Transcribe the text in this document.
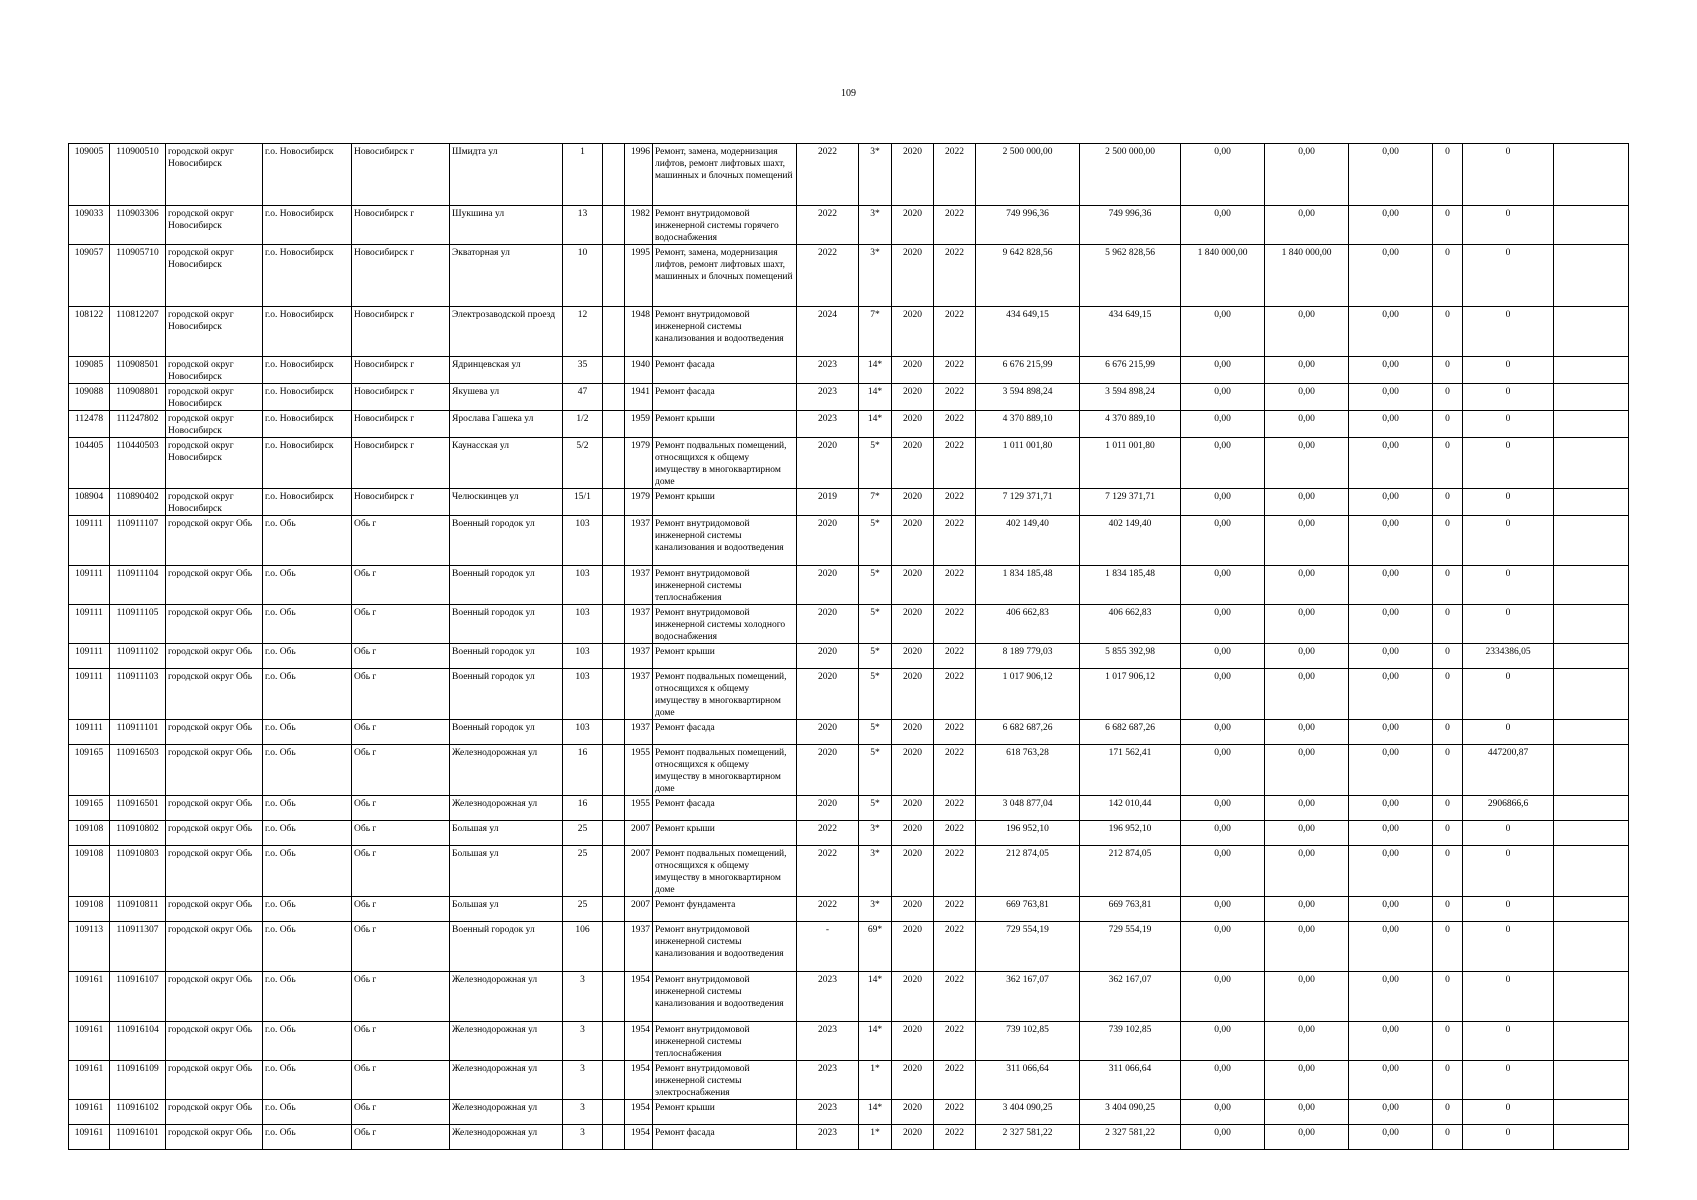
109
109005	110900510	городской округ Новосибирск	г.о. Новосибирск	Новосибирск г	Шмидта ул	1		1996	Ремонт, замена, модернизация лифтов, ремонт лифтовых шахт, машинных и блочных помещений	2022	3*	2020	2022	2 500 000,00	2 500 000,00	0,00	0,00	0,00	0	0	
109033	110903306	городской округ Новосибирск	г.о. Новосибирск	Новосибирск г	Шукшина ул	13		1982	Ремонт внутридомовой инженерной системы горячего водоснабжения	2022	3*	2020	2022	749 996,36	749 996,36	0,00	0,00	0,00	0	0	
109057	110905710	городской округ Новосибирск	г.о. Новосибирск	Новосибирск г	Экваторная ул	10		1995	Ремонт, замена, модернизация лифтов, ремонт лифтовых шахт, машинных и блочных помещений	2022	3*	2020	2022	9 642 828,56	5 962 828,56	1 840 000,00	1 840 000,00	0,00	0	0	
108122	110812207	городской округ Новосибирск	г.о. Новосибирск	Новосибирск г	Электрозаводской проезд	12		1948	Ремонт внутридомовой инженерной системы канализования и водоотведения	2024	7*	2020	2022	434 649,15	434 649,15	0,00	0,00	0,00	0	0	
109085	110908501	городской округ Новосибирск	г.о. Новосибирск	Новосибирск г	Ядринцевская ул	35		1940	Ремонт фасада	2023	14*	2020	2022	6 676 215,99	6 676 215,99	0,00	0,00	0,00	0	0	
109088	110908801	городской округ Новосибирск	г.о. Новосибирск	Новосибирск г	Якушева ул	47		1941	Ремонт фасада	2023	14*	2020	2022	3 594 898,24	3 594 898,24	0,00	0,00	0,00	0	0	
112478	111247802	городской округ Новосибирск	г.о. Новосибирск	Новосибирск г	Ярослава Гашека ул	1/2		1959	Ремонт крыши	2023	14*	2020	2022	4 370 889,10	4 370 889,10	0,00	0,00	0,00	0	0	
104405	110440503	городской округ Новосибирск	г.о. Новосибирск	Новосибирск г	Каунасская ул	5/2		1979	Ремонт подвальных помещений, относящихся к общему имуществу в многоквартирном доме	2020	5*	2020	2022	1 011 001,80	1 011 001,80	0,00	0,00	0,00	0	0	
108904	110890402	городской округ Новосибирск	г.о. Новосибирск	Новосибирск г	Челюскинцев ул	15/1		1979	Ремонт крыши	2019	7*	2020	2022	7 129 371,71	7 129 371,71	0,00	0,00	0,00	0	0	
109111	110911107	городской округ Обь	г.о. Обь	Обь г	Военный городок ул	103		1937	Ремонт внутридомовой инженерной системы канализования и водоотведения	2020	5*	2020	2022	402 149,40	402 149,40	0,00	0,00	0,00	0	0	
109111	110911104	городской округ Обь	г.о. Обь	Обь г	Военный городок ул	103		1937	Ремонт внутридомовой инженерной системы теплоснабжения	2020	5*	2020	2022	1 834 185,48	1 834 185,48	0,00	0,00	0,00	0	0	
109111	110911105	городской округ Обь	г.о. Обь	Обь г	Военный городок ул	103		1937	Ремонт внутридомовой инженерной системы холодного водоснабжения	2020	5*	2020	2022	406 662,83	406 662,83	0,00	0,00	0,00	0	0	
109111	110911102	городской округ Обь	г.о. Обь	Обь г	Военный городок ул	103		1937	Ремонт крыши	2020	5*	2020	2022	8 189 779,03	5 855 392,98	0,00	0,00	0,00	0	2334386,05	
109111	110911103	городской округ Обь	г.о. Обь	Обь г	Военный городок ул	103		1937	Ремонт подвальных помещений, относящихся к общему имуществу в многоквартирном доме	2020	5*	2020	2022	1 017 906,12	1 017 906,12	0,00	0,00	0,00	0	0	
109111	110911101	городской округ Обь	г.о. Обь	Обь г	Военный городок ул	103		1937	Ремонт фасада	2020	5*	2020	2022	6 682 687,26	6 682 687,26	0,00	0,00	0,00	0	0	
109165	110916503	городской округ Обь	г.о. Обь	Обь г	Железнодорожная ул	16		1955	Ремонт подвальных помещений, относящихся к общему имуществу в многоквартирном доме	2020	5*	2020	2022	618 763,28	171 562,41	0,00	0,00	0,00	0	447200,87	
109165	110916501	городской округ Обь	г.о. Обь	Обь г	Железнодорожная ул	16		1955	Ремонт фасада	2020	5*	2020	2022	3 048 877,04	142 010,44	0,00	0,00	0,00	0	2906866,6	
109108	110910802	городской округ Обь	г.о. Обь	Обь г	Большая ул	25		2007	Ремонт крыши	2022	3*	2020	2022	196 952,10	196 952,10	0,00	0,00	0,00	0	0	
109108	110910803	городской округ Обь	г.о. Обь	Обь г	Большая ул	25		2007	Ремонт подвальных помещений, относящихся к общему имуществу в многоквартирном доме	2022	3*	2020	2022	212 874,05	212 874,05	0,00	0,00	0,00	0	0	
109108	110910811	городской округ Обь	г.о. Обь	Обь г	Большая ул	25		2007	Ремонт фундамента	2022	3*	2020	2022	669 763,81	669 763,81	0,00	0,00	0,00	0	0	
109113	110911307	городской округ Обь	г.о. Обь	Обь г	Военный городок ул	106		1937	Ремонт внутридомовой инженерной системы канализования и водоотведения	-	69*	2020	2022	729 554,19	729 554,19	0,00	0,00	0,00	0	0	
109161	110916107	городской округ Обь	г.о. Обь	Обь г	Железнодорожная ул	3		1954	Ремонт внутридомовой инженерной системы канализования и водоотведения	2023	14*	2020	2022	362 167,07	362 167,07	0,00	0,00	0,00	0	0	
109161	110916104	городской округ Обь	г.о. Обь	Обь г	Железнодорожная ул	3		1954	Ремонт внутридомовой инженерной системы теплоснабжения	2023	14*	2020	2022	739 102,85	739 102,85	0,00	0,00	0,00	0	0	
109161	110916109	городской округ Обь	г.о. Обь	Обь г	Железнодорожная ул	3		1954	Ремонт внутридомовой инженерной системы электроснабжения	2023	1*	2020	2022	311 066,64	311 066,64	0,00	0,00	0,00	0	0	
109161	110916102	городской округ Обь	г.о. Обь	Обь г	Железнодорожная ул	3		1954	Ремонт крыши	2023	14*	2020	2022	3 404 090,25	3 404 090,25	0,00	0,00	0,00	0	0	
109161	110916101	городской округ Обь	г.о. Обь	Обь г	Железнодорожная ул	3		1954	Ремонт фасада	2023	1*	2020	2022	2 327 581,22	2 327 581,22	0,00	0,00	0,00	0	0	
